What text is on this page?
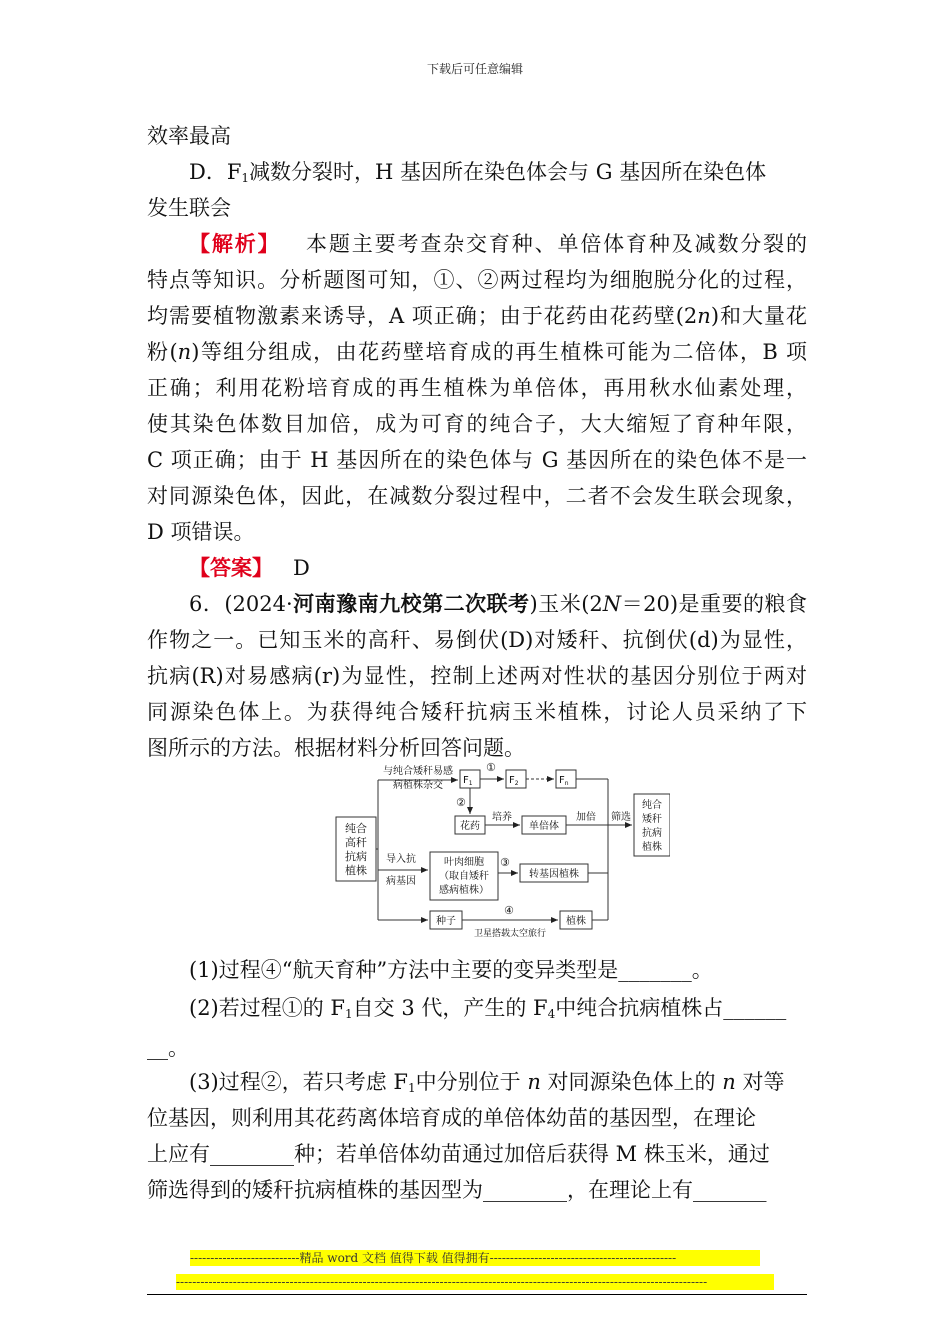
下载后可任意编辑
效率最高
D．$F_1$减数分裂时，H 基因所在染色体会与 G 基因所在染色体
发生联会
【解析】 本题主要考查杂交育种、单倍体育种及减数分裂的
特点等知识。分析题图可知，①、②两过程均为细胞脱分化的过程，
均需要植物激素来诱导，A 项正确；由于花药由花药壁(2n)和大量花
粉(n)等组分组成，由花药壁培育成的再生植株可能为二倍体，B 项
正确；利用花粉培育成的再生植株为单倍体，再用秋水仙素处理，
使其染色体数目加倍，成为可育的纯合子，大大缩短了育种年限，
C 项正确；由于 H 基因所在的染色体与 G 基因所在的染色体不是一
对同源染色体，因此，在减数分裂过程中，二者不会发生联会现象，
D 项错误。
【答案】 D
6．(2024·河南豫南九校第二次联考)玉米(2N＝20)是重要的粮食
作物之一。已知玉米的高秆、易倒伏(D)对矮秆、抗倒伏(d)为显性，
抗病(R)对易感病(r)为显性，控制上述两对性状的基因分别位于两对
同源染色体上。为获得纯合矮秆抗病玉米植株，讨论人员采纳了下
图所示的方法。根据材料分析回答问题。
纯合高秆抗病植株
与纯合矮秆易感病植株杂交	$F_1$	$F_2$	$F_n$
①
②
花药
培养
单倍体
加倍 筛选
纯合矮秆抗病植株
导入抗病基因
叶肉细胞（取自矮秆感病植株）
③
转基因植株
种子
④
卫星搭载太空旅行
植株
(1)过程④“航天育种”方法中主要的变异类型是_______。
(2)若过程①的 $F_1$自交 3 代，产生的 $F_4$中纯合抗病植株占______
__。
(3)过程②，若只考虑 $F_1$中分别位于 n 对同源染色体上的 n 对等
位基因，则利用其花药离体培育成的单倍体幼苗的基因型，在理论
上应有________种；若单倍体幼苗通过加倍后获得 M 株玉米，通过
筛选得到的矮秆抗病植株的基因型为________，在理论上有_______
---------------------------精品 word 文档 值得下载 值得拥有----------------------------------------------
-----------------------------------------------------------------------------------------------------------------------------------
